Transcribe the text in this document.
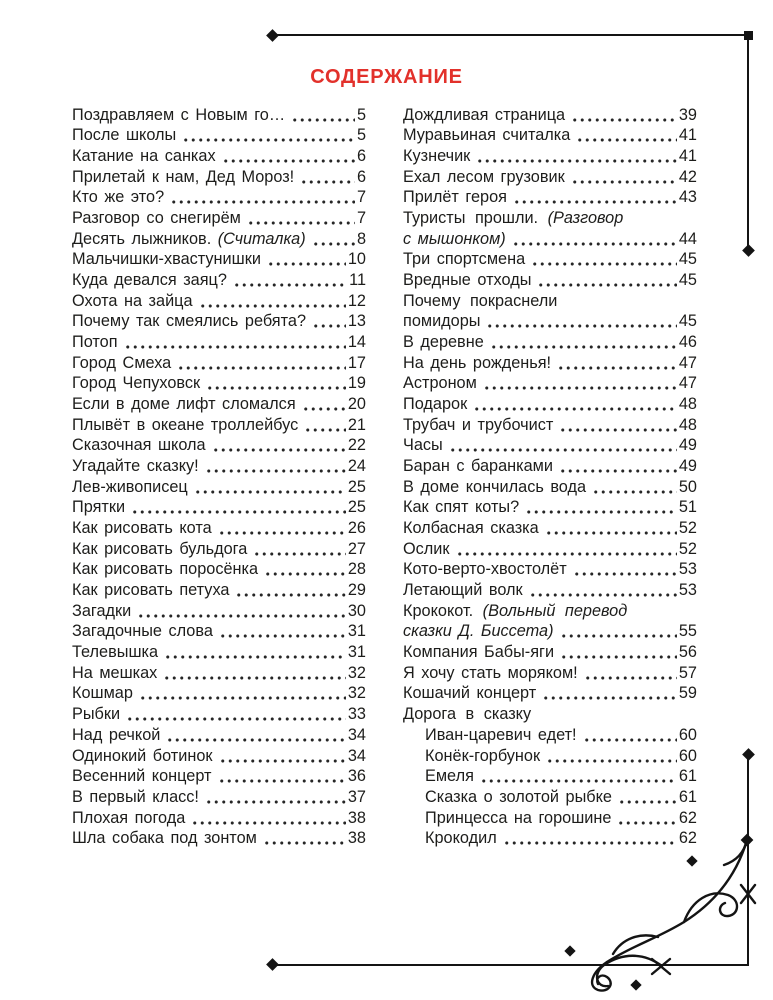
СОДЕРЖАНИЕ
Поздравляем с Новым го…	5
После школы	5
Катание на санках	6
Прилетай к нам, Дед Мороз!	6
Кто же это?	7
Разговор со снегирём	7
Десять лыжников. (Считалка)	8
Мальчишки-хвастунишки	10
Куда девался заяц?	11
Охота на зайца	12
Почему так смеялись ребята?	13
Потоп	14
Город Смеха	17
Город Чепуховск	19
Если в доме лифт сломался	20
Плывёт в океане троллейбус	21
Сказочная школа	22
Угадайте сказку!	24
Лев-живописец	25
Прятки	25
Как рисовать кота	26
Как рисовать бульдога	27
Как рисовать поросёнка	28
Как рисовать петуха	29
Загадки	30
Загадочные слова	31
Телевышка	31
На мешках	32
Кошмар	32
Рыбки	33
Над речкой	34
Одинокий ботинок	34
Весенний концерт	36
В первый класс!	37
Плохая погода	38
Шла собака под зонтом	38
Дождливая страница	39
Муравьиная считалка	41
Кузнечик	41
Ехал лесом грузовик	42
Прилёт героя	43
Туристы прошли. (Разговор
с мышонком)	44
Три спортсмена	45
Вредные отходы	45
Почему покраснели
помидоры	45
В деревне	46
На день рожденья!	47
Астроном	47
Подарок	48
Трубач и трубочист	48
Часы	49
Баран с баранками	49
В доме кончилась вода	50
Как спят коты?	51
Колбасная сказка	52
Ослик	52
Кото-верто-хвостолёт	53
Летающий волк	53
Крококот. (Вольный перевод
сказки Д. Биссета)	55
Компания Бабы-яги	56
Я хочу стать моряком!	57
Кошачий концерт	59
Дорога в сказку
Иван-царевич едет!	60
Конёк-горбунок	60
Емеля	61
Сказка о золотой рыбке	61
Принцесса на горошине	62
Крокодил	62
